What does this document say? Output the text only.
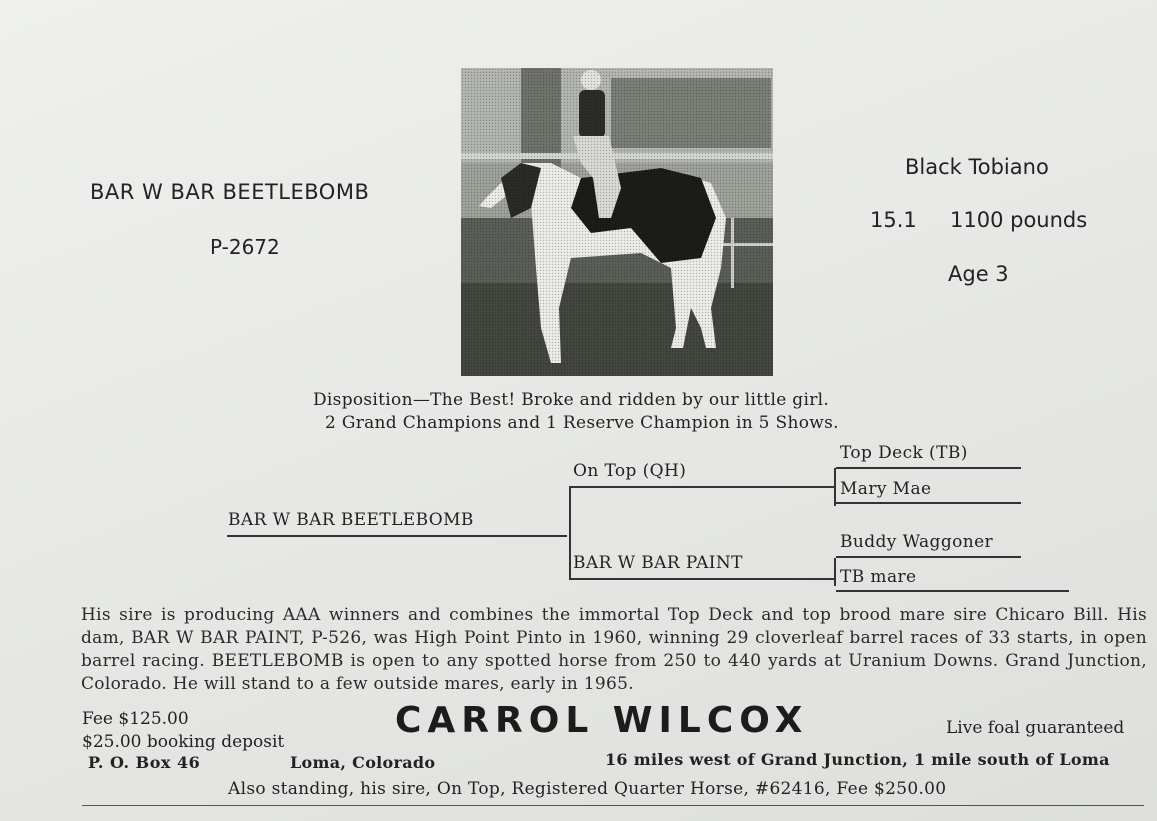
BAR W BAR BEETLEBOMB
P-2672
Black Tobiano
15.1 1100 pounds
Age 3
Disposition—The Best! Broke and ridden by our little girl.
2 Grand Champions and 1 Reserve Champion in 5 Shows.
BAR W BAR BEETLEBOMB
On Top (QH)
BAR W BAR PAINT
Top Deck (TB)
Mary Mae
Buddy Waggoner
TB mare
His sire is producing AAA winners and combines the immortal Top Deck and top brood mare sire Chicaro Bill. His dam, BAR W BAR PAINT, P-526, was High Point Pinto in 1960, winning 29 cloverleaf barrel races of 33 starts, in open barrel racing. BEETLEBOMB is open to any spotted horse from 250 to 440 yards at Uranium Downs. Grand Junction, Colorado. He will stand to a few outside mares, early in 1965.
Fee $125.00
$25.00 booking deposit
CARROL WILCOX	Live foal guaranteed
P. O. Box 46	Loma, Colorado	16 miles west of Grand Junction, 1 mile south of Loma
Also standing, his sire, On Top, Registered Quarter Horse, #62416, Fee $250.00
